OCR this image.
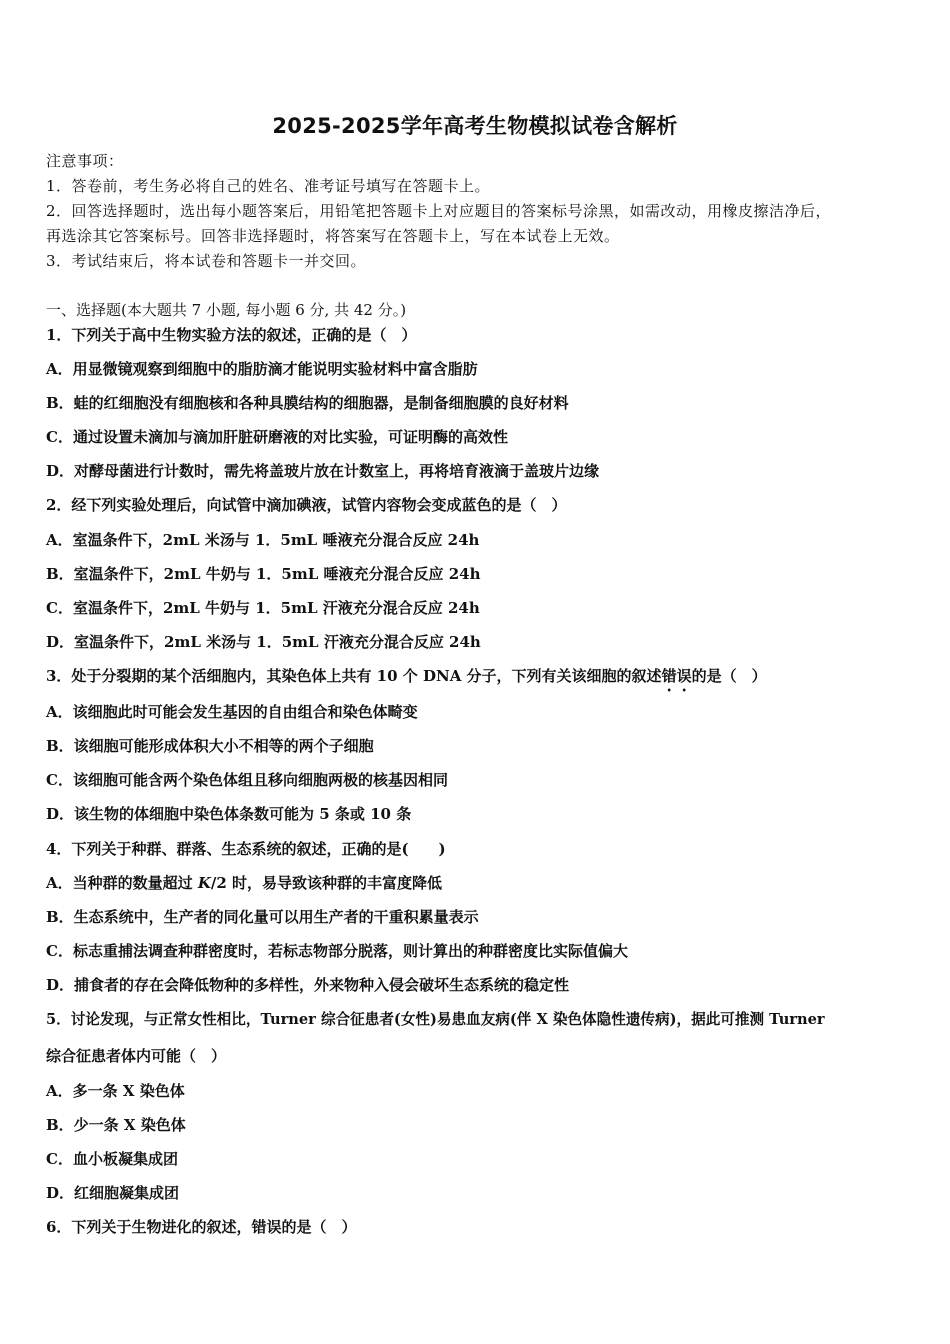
2025-2025学年高考生物模拟试卷含解析
注意事项：
1．答卷前，考生务必将自己的姓名、准考证号填写在答题卡上。
2．回答选择题时，选出每小题答案后，用铅笔把答题卡上对应题目的答案标号涂黑，如需改动，用橡皮擦洁净后，
再选涂其它答案标号。回答非选择题时，将答案写在答题卡上，写在本试卷上无效。
3．考试结束后，将本试卷和答题卡一并交回。
一、选择题(本大题共 7 小题, 每小题 6 分, 共 42 分。)
1．下列关于高中生物实验方法的叙述，正确的是（　）
A．用显微镜观察到细胞中的脂肪滴才能说明实验材料中富含脂肪
B．蛙的红细胞没有细胞核和各种具膜结构的细胞器，是制备细胞膜的良好材料
C．通过设置未滴加与滴加肝脏研磨液的对比实验，可证明酶的高效性
D．对酵母菌进行计数时，需先将盖玻片放在计数室上，再将培育液滴于盖玻片边缘
2．经下列实验处理后，向试管中滴加碘液，试管内容物会变成蓝色的是（　）
A．室温条件下，2mL 米汤与 1．5mL 唾液充分混合反应 24h
B．室温条件下，2mL 牛奶与 1．5mL 唾液充分混合反应 24h
C．室温条件下，2mL 牛奶与 1．5mL 汗液充分混合反应 24h
D．室温条件下，2mL 米汤与 1．5mL 汗液充分混合反应 24h
3．处于分裂期的某个活细胞内，其染色体上共有 10 个 DNA 分子，下列有关该细胞的叙述错误的是（　）
A．该细胞此时可能会发生基因的自由组合和染色体畸变
B．该细胞可能形成体积大小不相等的两个子细胞
C．该细胞可能含两个染色体组且移向细胞两极的核基因相同
D．该生物的体细胞中染色体条数可能为 5 条或 10 条
4．下列关于种群、群落、生态系统的叙述，正确的是(　　)
A．当种群的数量超过 K/2 时，易导致该种群的丰富度降低
B．生态系统中，生产者的同化量可以用生产者的干重积累量表示
C．标志重捕法调查种群密度时，若标志物部分脱落，则计算出的种群密度比实际值偏大
D．捕食者的存在会降低物种的多样性，外来物种入侵会破坏生态系统的稳定性
5．讨论发现，与正常女性相比，Turner 综合征患者(女性)易患血友病(伴 X 染色体隐性遗传病)，据此可推测 Turner
综合征患者体内可能（　）
A．多一条 X 染色体
B．少一条 X 染色体
C．血小板凝集成团
D．红细胞凝集成团
6．下列关于生物进化的叙述，错误的是（　）
